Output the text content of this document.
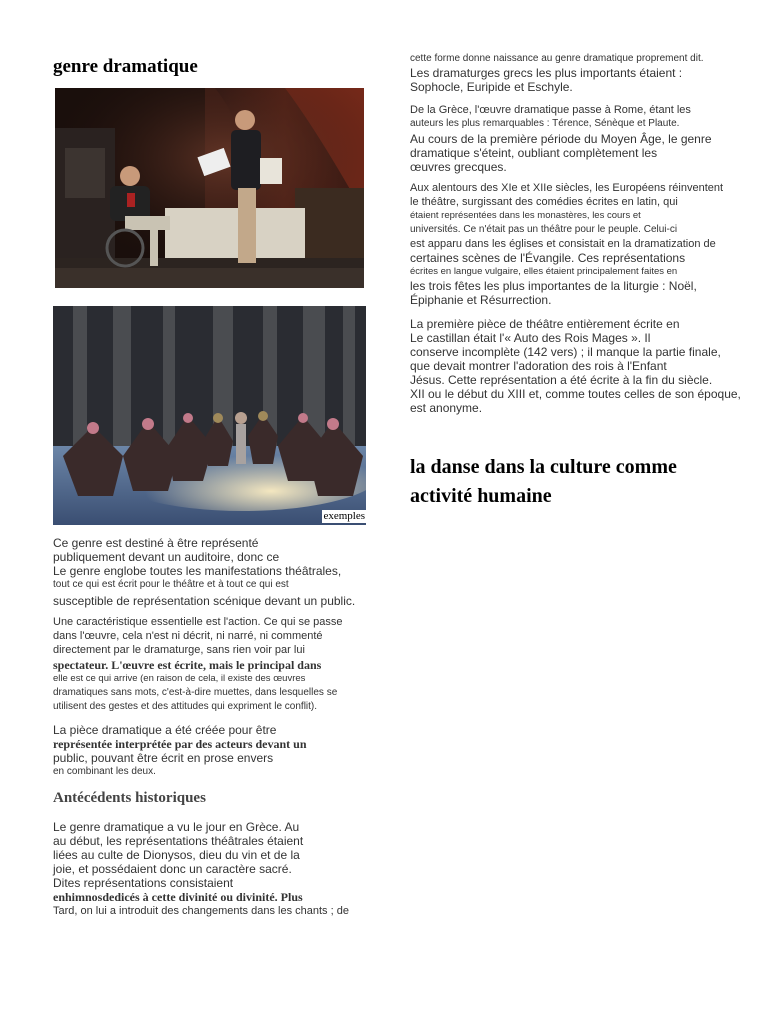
genre dramatique
exemples
Ce genre est destiné à être représenté
publiquement devant un auditoire, donc ce
Le genre englobe toutes les manifestations théâtrales,
tout ce qui est écrit pour le théâtre et à tout ce qui est
susceptible de représentation scénique devant un public.
Une caractéristique essentielle est l'action. Ce qui se passe
dans l'œuvre, cela n'est ni décrit, ni narré, ni commenté
directement par le dramaturge, sans rien voir par lui
spectateur. L'œuvre est écrite, mais le principal dans
elle est ce qui arrive (en raison de cela, il existe des œuvres
dramatiques sans mots, c'est-à-dire muettes, dans lesquelles se
utilisent des gestes et des attitudes qui expriment le conflit).
La pièce dramatique a été créée pour être
représentée interprétée par des acteurs devant un
public, pouvant être écrit en prose envers
en combinant les deux.
Antécédents historiques
Le genre dramatique a vu le jour en Grèce. Au
au début, les représentations théâtrales étaient
liées au culte de Dionysos, dieu du vin et de la
joie, et possédaient donc un caractère sacré.
Dites représentations consistaient
enhimnosdedicés à cette divinité ou divinité. Plus
Tard, on lui a introduit des changements dans les chants ; de
cette forme donne naissance au genre dramatique proprement dit.
Les dramaturges grecs les plus importants étaient :
Sophocle, Euripide et Eschyle.
De la Grèce, l'œuvre dramatique passe à Rome, étant les
auteurs les plus remarquables : Térence, Sénèque et Plaute.
Au cours de la première période du Moyen Âge, le genre
dramatique s'éteint, oubliant complètement les
œuvres grecques.
Aux alentours des XIe et XIIe siècles, les Européens réinventent
le théâtre, surgissant des comédies écrites en latin, qui
étaient représentées dans les monastères, les cours et
universités. Ce n'était pas un théâtre pour le peuple. Celui-ci
est apparu dans les églises et consistait en la dramatization de
certaines scènes de l'Évangile. Ces représentations
écrites en langue vulgaire, elles étaient principalement faites en
les trois fêtes les plus importantes de la liturgie : Noël,
Épiphanie et Résurrection.
La première pièce de théâtre entièrement écrite en
Le castillan était l'« Auto des Rois Mages ». Il
conserve incomplète (142 vers) ; il manque la partie finale,
que devait montrer l'adoration des rois à l'Enfant
Jésus. Cette représentation a été écrite à la fin du siècle.
XII ou le début du XIII et, comme toutes celles de son époque,
est anonyme.
la danse dans la culture comme
activité humaine
